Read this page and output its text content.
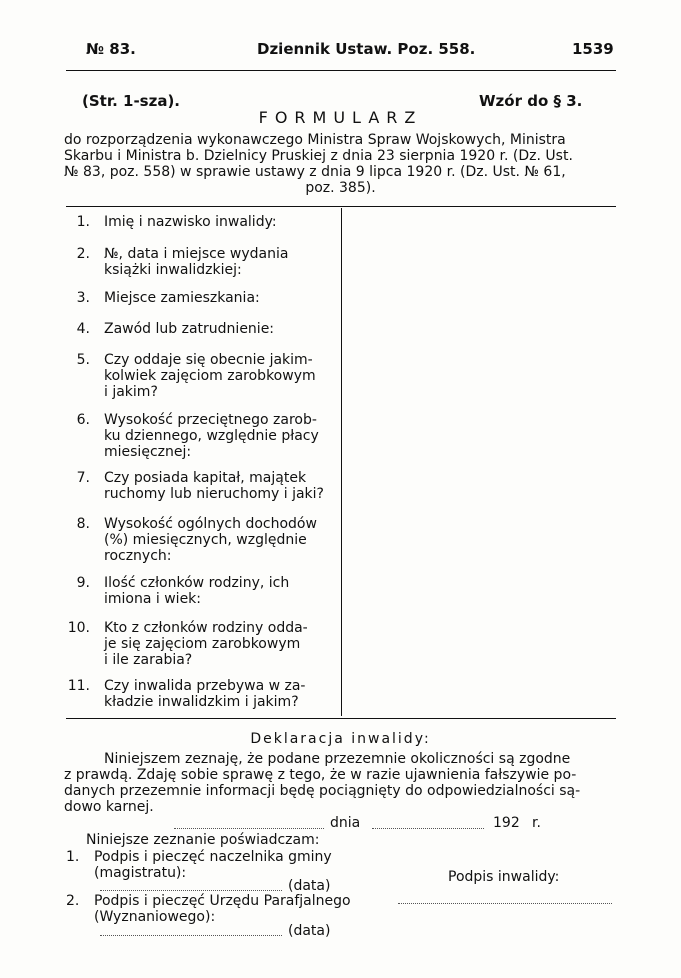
№ 83.	Dziennik Ustaw. Poz. 558.	1539
(Str. 1-sza).	Wzór do § 3.
FORMULARZ
do rozporządzenia wykonawczego Ministra Spraw Wojskowych, Ministra
Skarbu i Ministra b. Dzielnicy Pruskiej z dnia 23 sierpnia 1920 r. (Dz. Ust.
№ 83, poz. 558) w sprawie ustawy z dnia 9 lipca 1920 r. (Dz. Ust. № 61,
poz. 385).
1. Imię i nazwisko inwalidy:
2. №, data i miejsce wydania
książki inwalidzkiej:
3. Miejsce zamieszkania:
4. Zawód lub zatrudnienie:
5. Czy oddaje się obecnie jakim-
kolwiek zajęciom zarobkowym
i jakim?
6. Wysokość przeciętnego zarob-
ku dziennego, względnie płacy
miesięcznej:
7. Czy posiada kapitał, majątek
ruchomy lub nieruchomy i jaki?
8. Wysokość ogólnych dochodów
(%) miesięcznych, względnie
rocznych:
9. Ilość członków rodziny, ich
imiona i wiek:
10. Kto z członków rodziny odda-
je się zajęciom zarobkowym
i ile zarabia?
11. Czy inwalida przebywa w za-
kładzie inwalidzkim i jakim?
Deklaracja inwalidy:
Niniejszem zeznaję, że podane przezemnie okoliczności są zgodne
z prawdą. Zdaję sobie sprawę z tego, że w razie ujawnienia fałszywie po-
danych przezemnie informacji będę pociągnięty do odpowiedzialności są-
dowo karnej.
dnia	192 r.
Niniejsze zeznanie poświadczam:
1. Podpis i pieczęć naczelnika gminy
(magistratu):
(data)
Podpis inwalidy:
2. Podpis i pieczęć Urzędu Parafjalnego
(Wyznaniowego):
(data)
